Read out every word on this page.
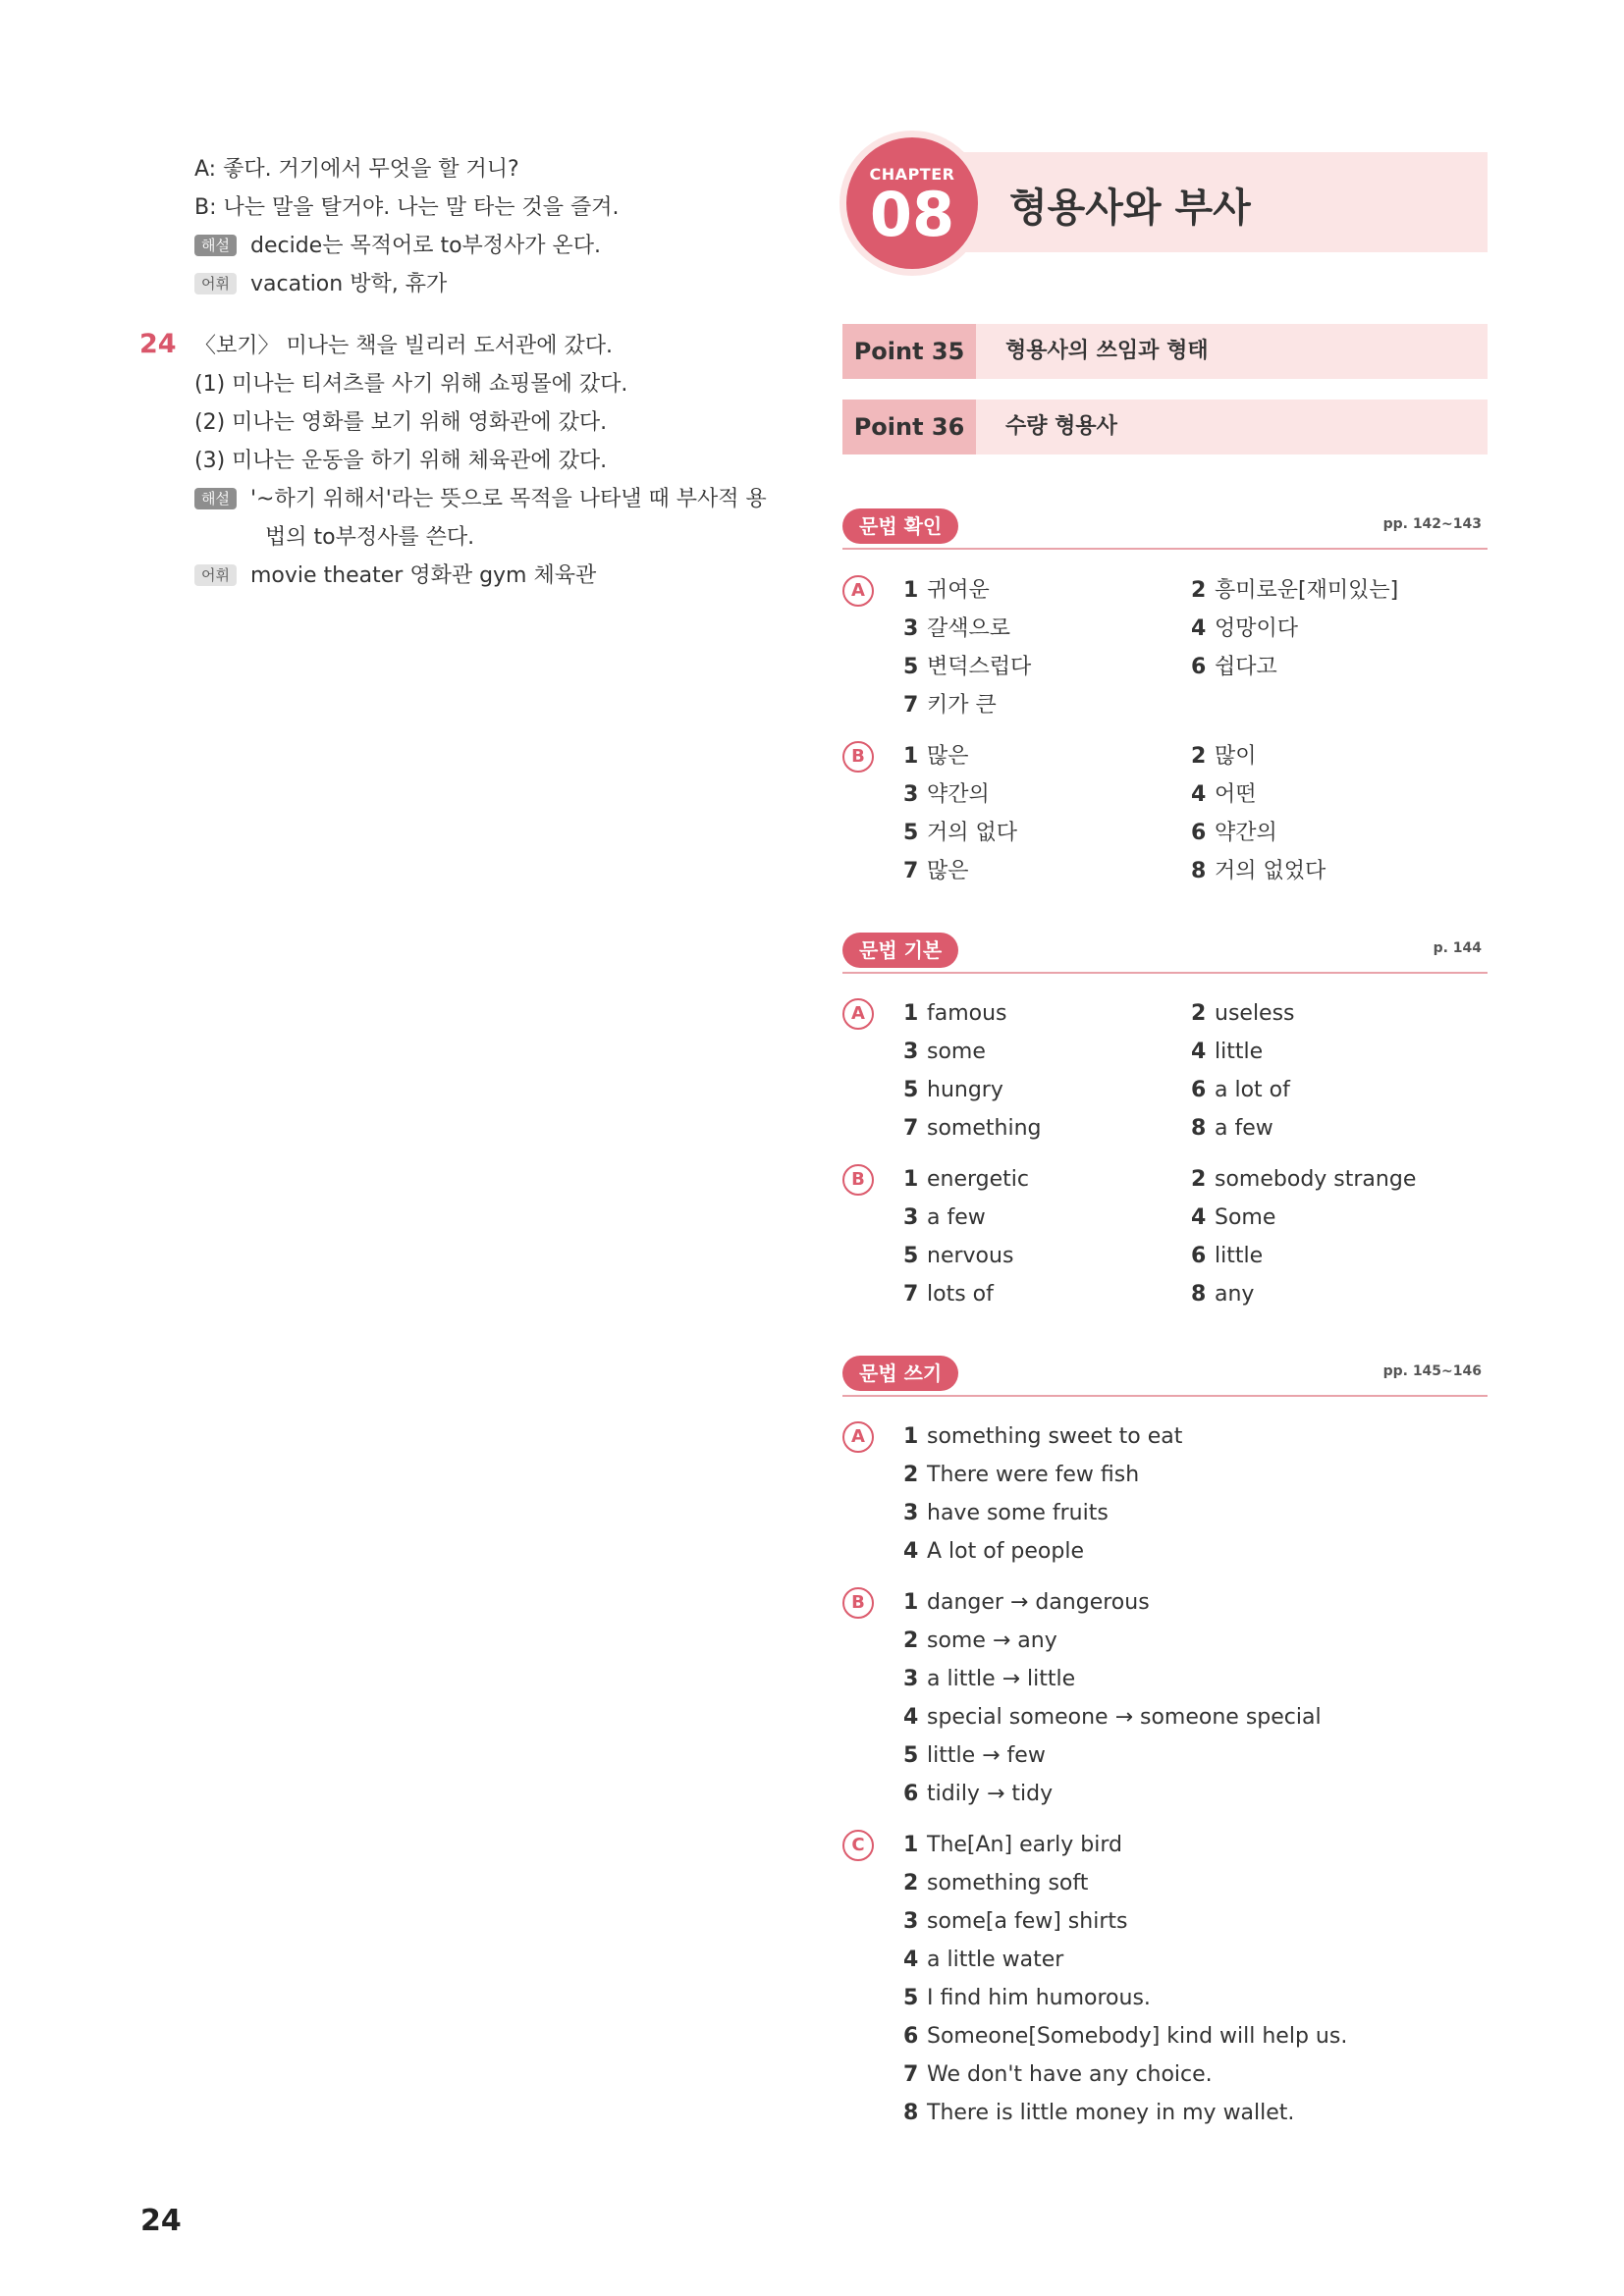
A: 좋다. 거기에서 무엇을 할 거니?
B: 나는 말을 탈거야. 나는 말 타는 것을 즐겨.
해설 decide는 목적어로 to부정사가 온다.
어휘 vacation 방학, 휴가
24 〈보기〉 미나는 책을 빌리러 도서관에 갔다.
(1) 미나는 티셔츠를 사기 위해 쇼핑몰에 갔다.
(2) 미나는 영화를 보기 위해 영화관에 갔다.
(3) 미나는 운동을 하기 위해 체육관에 갔다.
해설 '~하기 위해서'라는 뜻으로 목적을 나타낼 때 부사적 용
법의 to부정사를 쓴다.
어휘 movie theater 영화관 gym 체육관
24
형용사와 부사
CHAPTER
08
Point 35	형용사의 쓰임과 형태
Point 36	수량 형용사
문법 확인	pp. 142~143
A	1 귀여운	2 흥미로운[재미있는]
3 갈색으로	4 엉망이다
5 변덕스럽다	6 쉽다고
7 키가 큰
B	1 많은	2 많이
3 약간의	4 어떤
5 거의 없다	6 약간의
7 많은	8 거의 없었다
문법 기본	p. 144
A	1 famous	2 useless
3 some	4 little
5 hungry	6 a lot of
7 something	8 a few
B	1 energetic	2 somebody strange
3 a few	4 Some
5 nervous	6 little
7 lots of	8 any
문법 쓰기	pp. 145~146
A	1 something sweet to eat
2 There were few fish
3 have some fruits
4 A lot of people
B	1 danger → dangerous
2 some → any
3 a little → little
4 special someone → someone special
5 little → few
6 tidily → tidy
C	1 The[An] early bird
2 something soft
3 some[a few] shirts
4 a little water
5 I find him humorous.
6 Someone[Somebody] kind will help us.
7 We don't have any choice.
8 There is little money in my wallet.
